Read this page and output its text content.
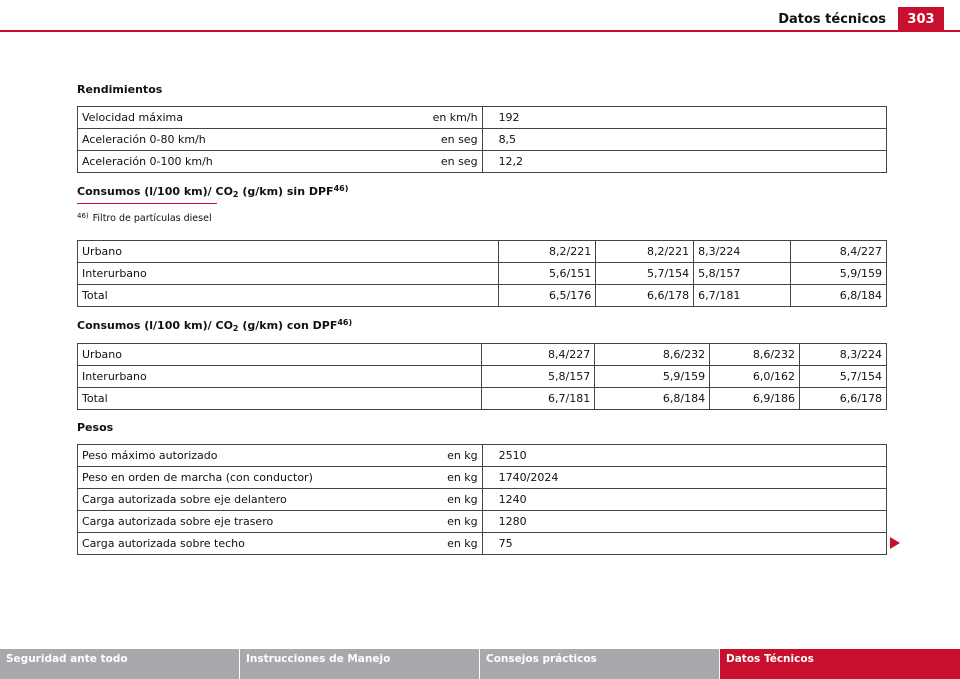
Datos técnicos	303
Rendimientos
Velocidad máxima en km/h	192
Aceleración 0-80 km/h en seg	8,5
Aceleración 0-100 km/h en seg	12,2
Consumos (l/100 km)/ $CO_2$ (g/km) sin DPF$^{46)}$
$^{46)}$ Filtro de partículas diesel
Urbano	8,2/221	8,2/221	8,3/224	8,4/227
Interurbano	5,6/151	5,7/154	5,8/157	5,9/159
Total	6,5/176	6,6/178	6,7/181	6,8/184
Consumos (l/100 km)/ $CO_2$ (g/km) con DPF$^{46)}$
Urbano	8,4/227	8,6/232	8,6/232	8,3/224
Interurbano	5,8/157	5,9/159	6,0/162	5,7/154
Total	6,7/181	6,8/184	6,9/186	6,6/178
Pesos
Peso máximo autorizado en kg	2510
Peso en orden de marcha (con conductor) en kg	1740/2024
Carga autorizada sobre eje delantero en kg	1240
Carga autorizada sobre eje trasero en kg	1280
Carga autorizada sobre techo en kg	75
Seguridad ante todo	Instrucciones de Manejo	Consejos prácticos	Datos Técnicos
